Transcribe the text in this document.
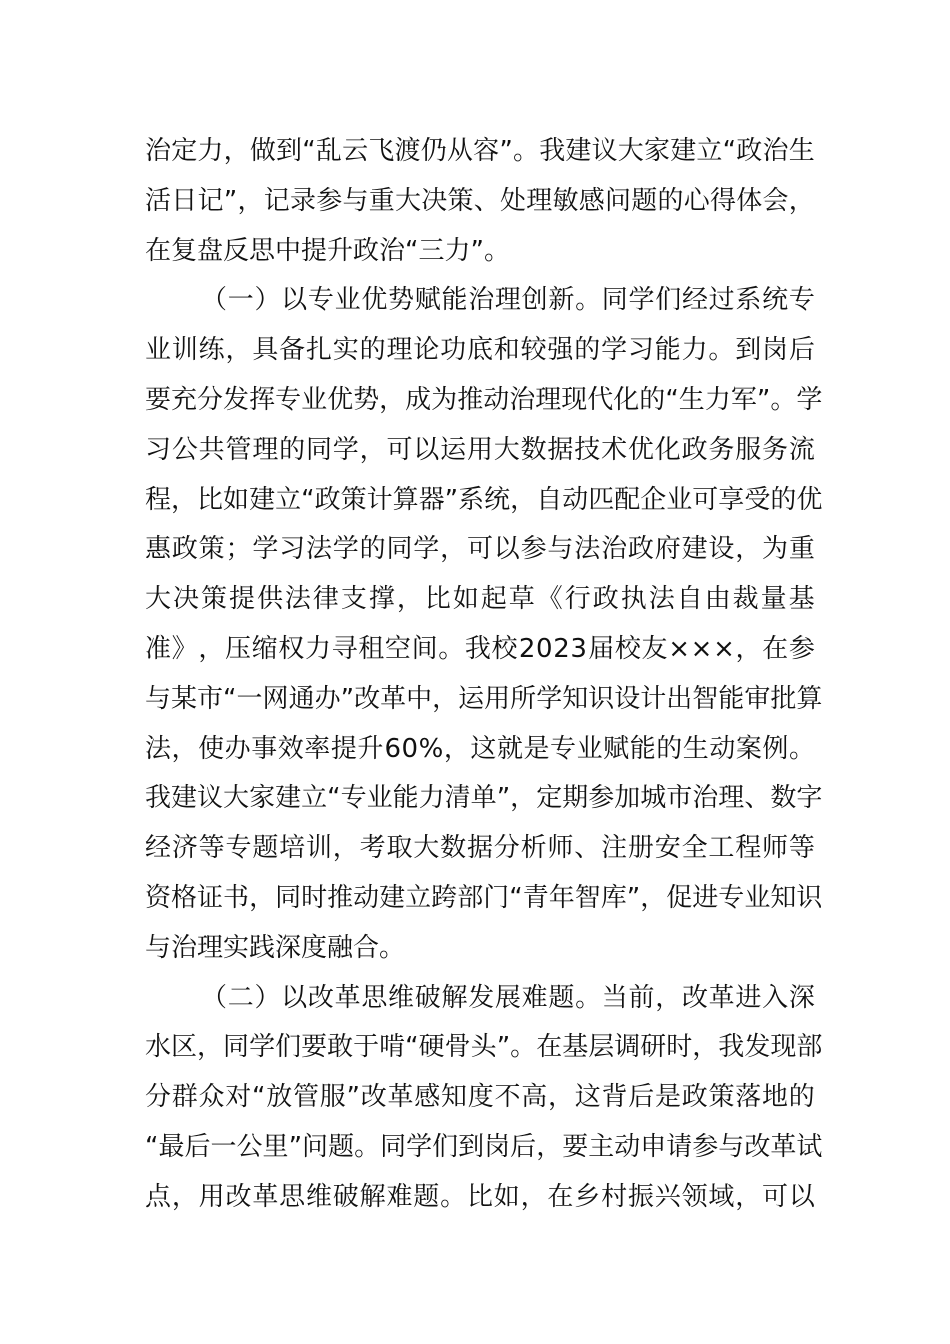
治 定 力 ， 做 到 “ 乱 云 飞 渡 仍 从 容 ” 。 我 建 议 大 家 建 立 “ 政 治 生
活 日 记 ” ， 记 录 参 与 重 大 决 策 、 处 理 敏 感 问 题 的 心 得 体 会 ，
在复盘反思中提升政治“三力”。
（ 一 ） 以 专 业 优 势 赋 能 治 理 创 新 。 同 学 们 经 过 系 统 专
业 训 练 ， 具 备 扎 实 的 理 论 功 底 和 较 强 的 学 习 能 力 。 到 岗 后
要 充 分 发 挥 专 业 优 势 ， 成 为 推 动 治 理 现 代 化 的 “ 生 力 军 ” 。 学
习 公 共 管 理 的 同 学 ， 可 以 运 用 大 数 据 技 术 优 化 政 务 服 务 流
程 ， 比 如 建 立 “ 政 策 计 算 器 ” 系 统 ， 自 动 匹 配 企 业 可 享 受 的 优
惠 政 策 ； 学 习 法 学 的 同 学 ， 可 以 参 与 法 治 政 府 建 设 ， 为 重
大 决 策 提 供 法 律 支 撑 ， 比 如 起 草 《 行 政 执 法 自 由 裁 量 基
准 》 ， 压 缩 权 力 寻 租 空 间 。 我 校 2 0 2 3 届 校 友 × × × ， 在 参
与 某 市 “ 一 网 通 办 ” 改 革 中 ， 运 用 所 学 知 识 设 计 出 智 能 审 批 算
法 ， 使 办 事 效 率 提 升 6 0 % ， 这 就 是 专 业 赋 能 的 生 动 案 例 。
我 建 议 大 家 建 立 “ 专 业 能 力 清 单 ” ， 定 期 参 加 城 市 治 理 、 数 字
经 济 等 专 题 培 训 ， 考 取 大 数 据 分 析 师 、 注 册 安 全 工 程 师 等
资 格 证 书 ， 同 时 推 动 建 立 跨 部 门 “ 青 年 智 库 ” ， 促 进 专 业 知 识
与治理实践深度融合。
（ 二 ） 以 改 革 思 维 破 解 发 展 难 题 。 当 前 ， 改 革 进 入 深
水 区 ， 同 学 们 要 敢 于 啃 “ 硬 骨 头 ” 。 在 基 层 调 研 时 ， 我 发 现 部
分 群 众 对 “ 放 管 服 ” 改 革 感 知 度 不 高 ， 这 背 后 是 政 策 落 地 的
“ 最 后 一 公 里 ” 问 题 。 同 学 们 到 岗 后 ， 要 主 动 申 请 参 与 改 革 试
点 ， 用 改 革 思 维 破 解 难 题 。 比 如 ， 在 乡 村 振 兴 领 域 ， 可 以
